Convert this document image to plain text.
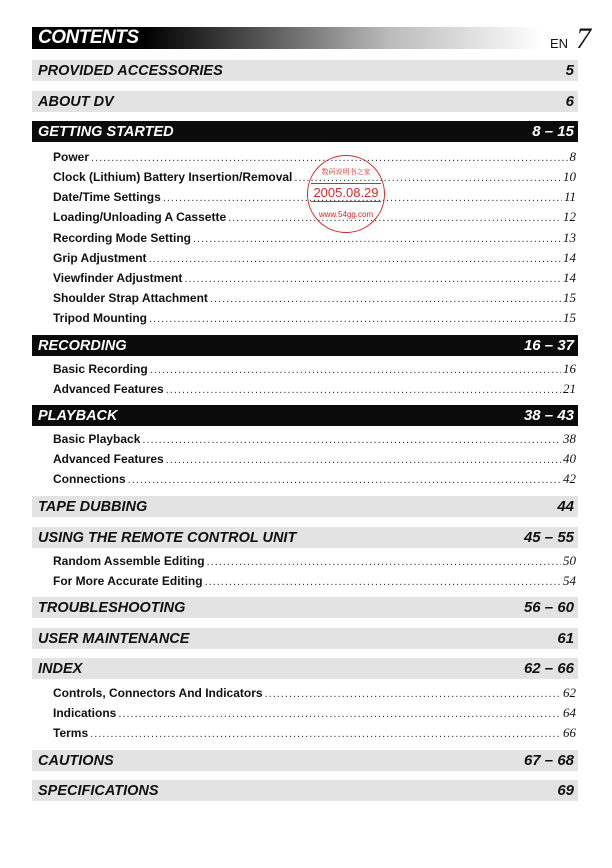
CONTENTS	EN 7
PROVIDED ACCESSORIES	5
ABOUT DV	6
GETTING STARTED	8 – 15
Power .....	8
Clock (Lithium) Battery Insertion/Removal .....	10
Date/Time Settings .....	11
Loading/Unloading A Cassette .....	12
Recording Mode Setting .....	13
Grip Adjustment .....	14
Viewfinder Adjustment .....	14
Shoulder Strap Attachment .....	15
Tripod Mounting .....	15
RECORDING	16 – 37
Basic Recording .....	16
Advanced Features .....	21
PLAYBACK	38 – 43
Basic Playback .....	38
Advanced Features .....	40
Connections .....	42
TAPE DUBBING	44
USING THE REMOTE CONTROL UNIT	45 – 55
Random Assemble Editing .....	50
For More Accurate Editing .....	54
TROUBLESHOOTING	56 – 60
USER MAINTENANCE	61
INDEX	62 – 66
Controls, Connectors And Indicators .....	62
Indications .....	64
Terms .....	66
CAUTIONS	67 – 68
SPECIFICATIONS	69
数码说明书之家
2005.08.29
www.54gg.com
